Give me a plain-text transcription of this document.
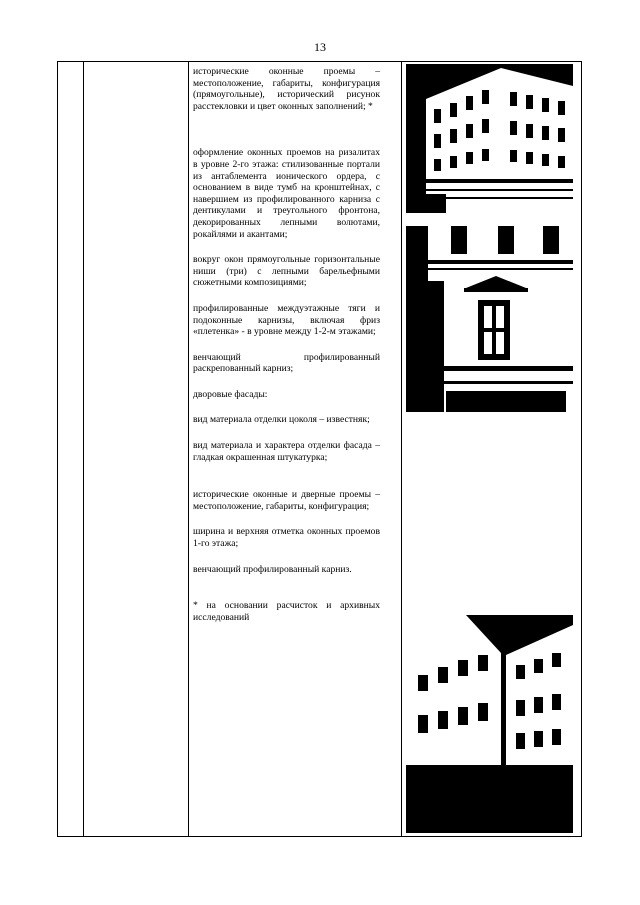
13

исторические оконные проемы – местоположение, габариты, конфигурация (прямоугольные), исторический рисунок расстекловки и цвет оконных заполнений; *

оформление оконных проемов на ризалитах в уровне 2-го этажа: стилизованные портали из антаблемента ионического ордера, с основанием в виде тумб на кронштейнах, с навершием из профилированного карниза с дентикулами и треугольного фронтона, декорированных лепными волютами, рокайлями и акантами;

вокруг окон прямоугольные горизонтальные ниши (три) с лепными барельефными сюжетными композициями;

профилированные междуэтажные тяги и подоконные карнизы, включая фриз «плетенка» - в уровне между 1-2-м этажами;

венчающий профилированный раскрепованный карниз;

дворовые фасады:

вид материала отделки цоколя – известняк;

вид материала и характера отделки фасада – гладкая окрашенная штукатурка;

исторические оконные и дверные проемы – местоположение, габариты, конфигурация;

ширина и верхняя отметка оконных проемов 1-го этажа;

венчающий профилированный карниз.

* на основании расчисток и архивных исследований
